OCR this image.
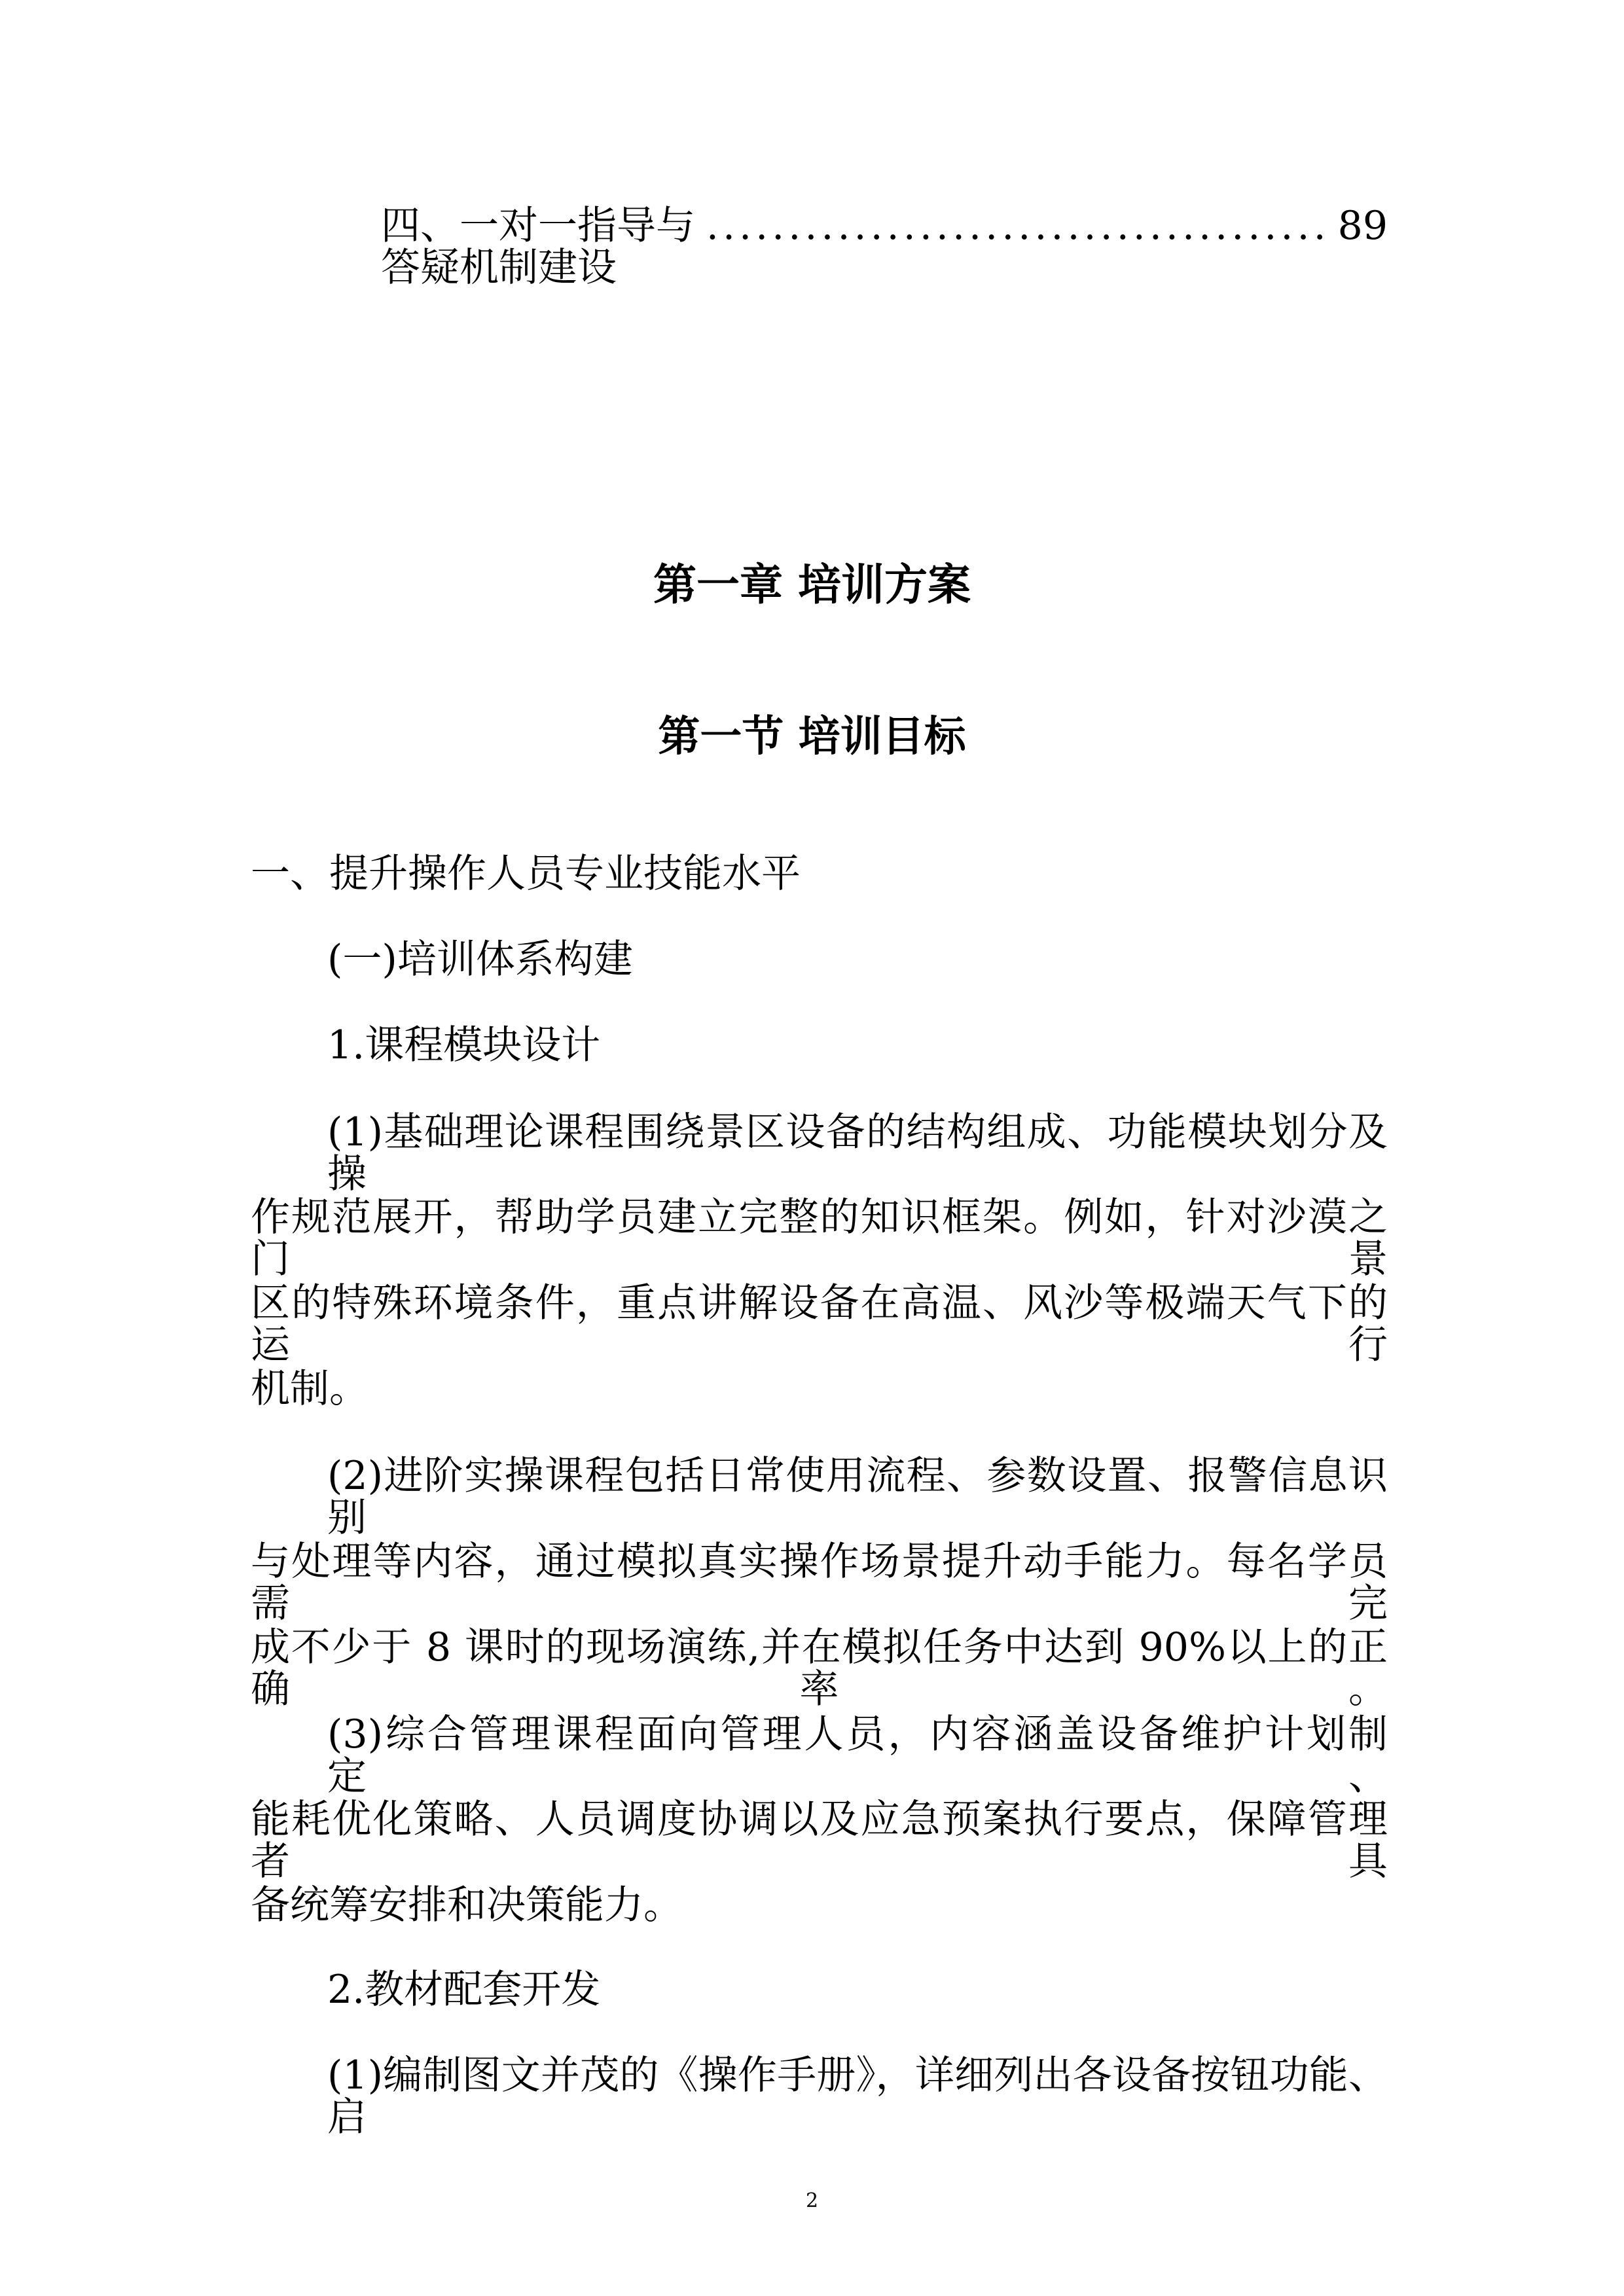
四、一对一指导与答疑机制建设
...................................... 89
第一章 培训方案
第一节 培训目标
一、提升操作人员专业技能水平
(一)培训体系构建
1.课程模块设计
(1)基础理论课程围绕景区设备的结构组成、功能模块划分及操
作规范展开，帮助学员建立完整的知识框架。例如，针对沙漠之门景
区的特殊环境条件，重点讲解设备在高温、风沙等极端天气下的运行
机制。
(2)进阶实操课程包括日常使用流程、参数设置、报警信息识别
与处理等内容，通过模拟真实操作场景提升动手能力。每名学员需完
成不少于 8 课时的现场演练,并在模拟任务中达到 90%以上的正确率。
(3)综合管理课程面向管理人员，内容涵盖设备维护计划制定、
能耗优化策略、人员调度协调以及应急预案执行要点，保障管理者具
备统筹安排和决策能力。
2.教材配套开发
(1)编制图文并茂的《操作手册》，详细列出各设备按钮功能、启
2
